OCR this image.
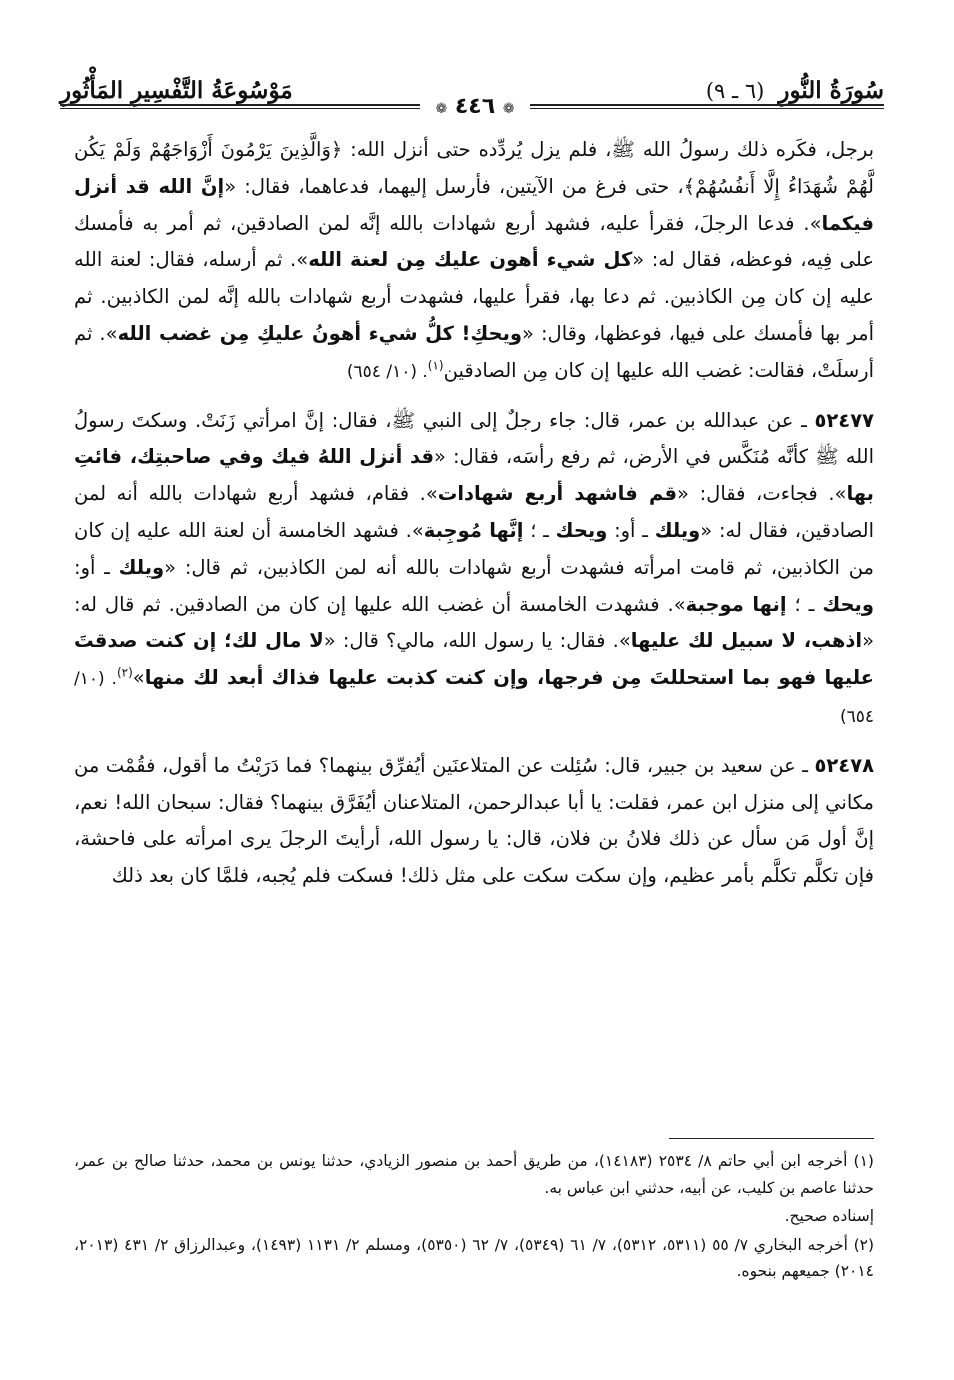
سُورَةُ النُّورِ (٦ ـ ٩)
مَوْسُوعَةُ التَّفْسِيرِ المَأْثُورِ
❁ ٤٤٦ ❁

برجل، فكَره ذلك رسولُ الله ﷺ، فلم يزل يُردِّده حتى أنزل الله: ﴿وَالَّذِينَ يَرْمُونَ أَزْوَاجَهُمْ وَلَمْ يَكُن لَّهُمْ شُهَدَاءُ إِلَّا أَنفُسُهُمْ﴾، حتى فرغ من الآيتين، فأرسل إليهما، فدعاهما، فقال: «إنَّ الله قد أنزل فيكما». فدعا الرجلَ، فقرأ عليه، فشهد أربع شهادات بالله إنَّه لمن الصادقين، ثم أمر به فأمسك على فِيه، فوعظه، فقال له: «كل شيء أهون عليك مِن لعنة الله». ثم أرسله، فقال: لعنة الله عليه إن كان مِن الكاذبين. ثم دعا بها، فقرأ عليها، فشهدت أربع شهادات بالله إنَّه لمن الكاذبين. ثم أمر بها فأمسك على فيها، فوعظها، وقال: «ويحكِ! كلُّ شيء أهونُ عليكِ مِن غضب الله». ثم أرسلَتْ، فقالت: غضب الله عليها إن كان مِن الصادقين$^{(١)}$. (١٠/ ٦٥٤)

٥٢٤٧٧ ـ عن عبدالله بن عمر، قال: جاء رجلٌ إلى النبي ﷺ، فقال: إنَّ امرأتي زَنَتْ. وسكتَ رسولُ الله ﷺ كأنَّه مُنَكَّس في الأرض، ثم رفع رأسَه، فقال: «قد أنزل اللهُ فيك وفي صاحبتِك، فائتِ بها». فجاءت، فقال: «قم فاشهد أربع شهادات». فقام، فشهد أربع شهادات بالله أنه لمن الصادقين، فقال له: «ويلك ـ أو: ويحك ـ ؛ إنَّها مُوجِبة». فشهد الخامسة أن لعنة الله عليه إن كان من الكاذبين، ثم قامت امرأته فشهدت أربع شهادات بالله أنه لمن الكاذبين، ثم قال: «ويلك ـ أو: ويحك ـ ؛ إنها موجبة». فشهدت الخامسة أن غضب الله عليها إن كان من الصادقين. ثم قال له: «اذهب، لا سبيل لك عليها». فقال: يا رسول الله، مالي؟ قال: «لا مال لك؛ إن كنت صدقتَ عليها فهو بما استحللتَ مِن فرجها، وإن كنت كذبت عليها فذاك أبعد لك منها»$^{(٢)}$. (١٠/ ٦٥٤)

٥٢٤٧٨ ـ عن سعيد بن جبير، قال: سُئِلت عن المتلاعنَين أيُفرِّق بينهما؟ فما دَرَيْتُ ما أقول، فقُمْت من مكاني إلى منزل ابن عمر، فقلت: يا أبا عبدالرحمن، المتلاعنان أيُفَرَّق بينهما؟ فقال: سبحان الله! نعم، إنَّ أول مَن سأل عن ذلك فلانُ بن فلان، قال: يا رسول الله، أرأيتَ الرجلَ يرى امرأته على فاحشة، فإن تكلَّم تكلَّم بأمر عظيم، وإن سكت سكت على مثل ذلك! فسكت فلم يُجبه، فلمَّا كان بعد ذلك

(١) أخرجه ابن أبي حاتم ٨/ ٢٥٣٤ (١٤١٨٣)، من طريق أحمد بن منصور الزيادي، حدثنا يونس بن محمد، حدثنا صالح بن عمر، حدثنا عاصم بن كليب، عن أبيه، حدثني ابن عباس به.

إسناده صحيح.

(٢) أخرجه البخاري ٧/ ٥٥ (٥٣١١، ٥٣١٢)، ٧/ ٦١ (٥٣٤٩)، ٧/ ٦٢ (٥٣٥٠)، ومسلم ٢/ ١١٣١ (١٤٩٣)، وعبدالرزاق ٢/ ٤٣١ (٢٠١٣، ٢٠١٤) جميعهم بنحوه.
